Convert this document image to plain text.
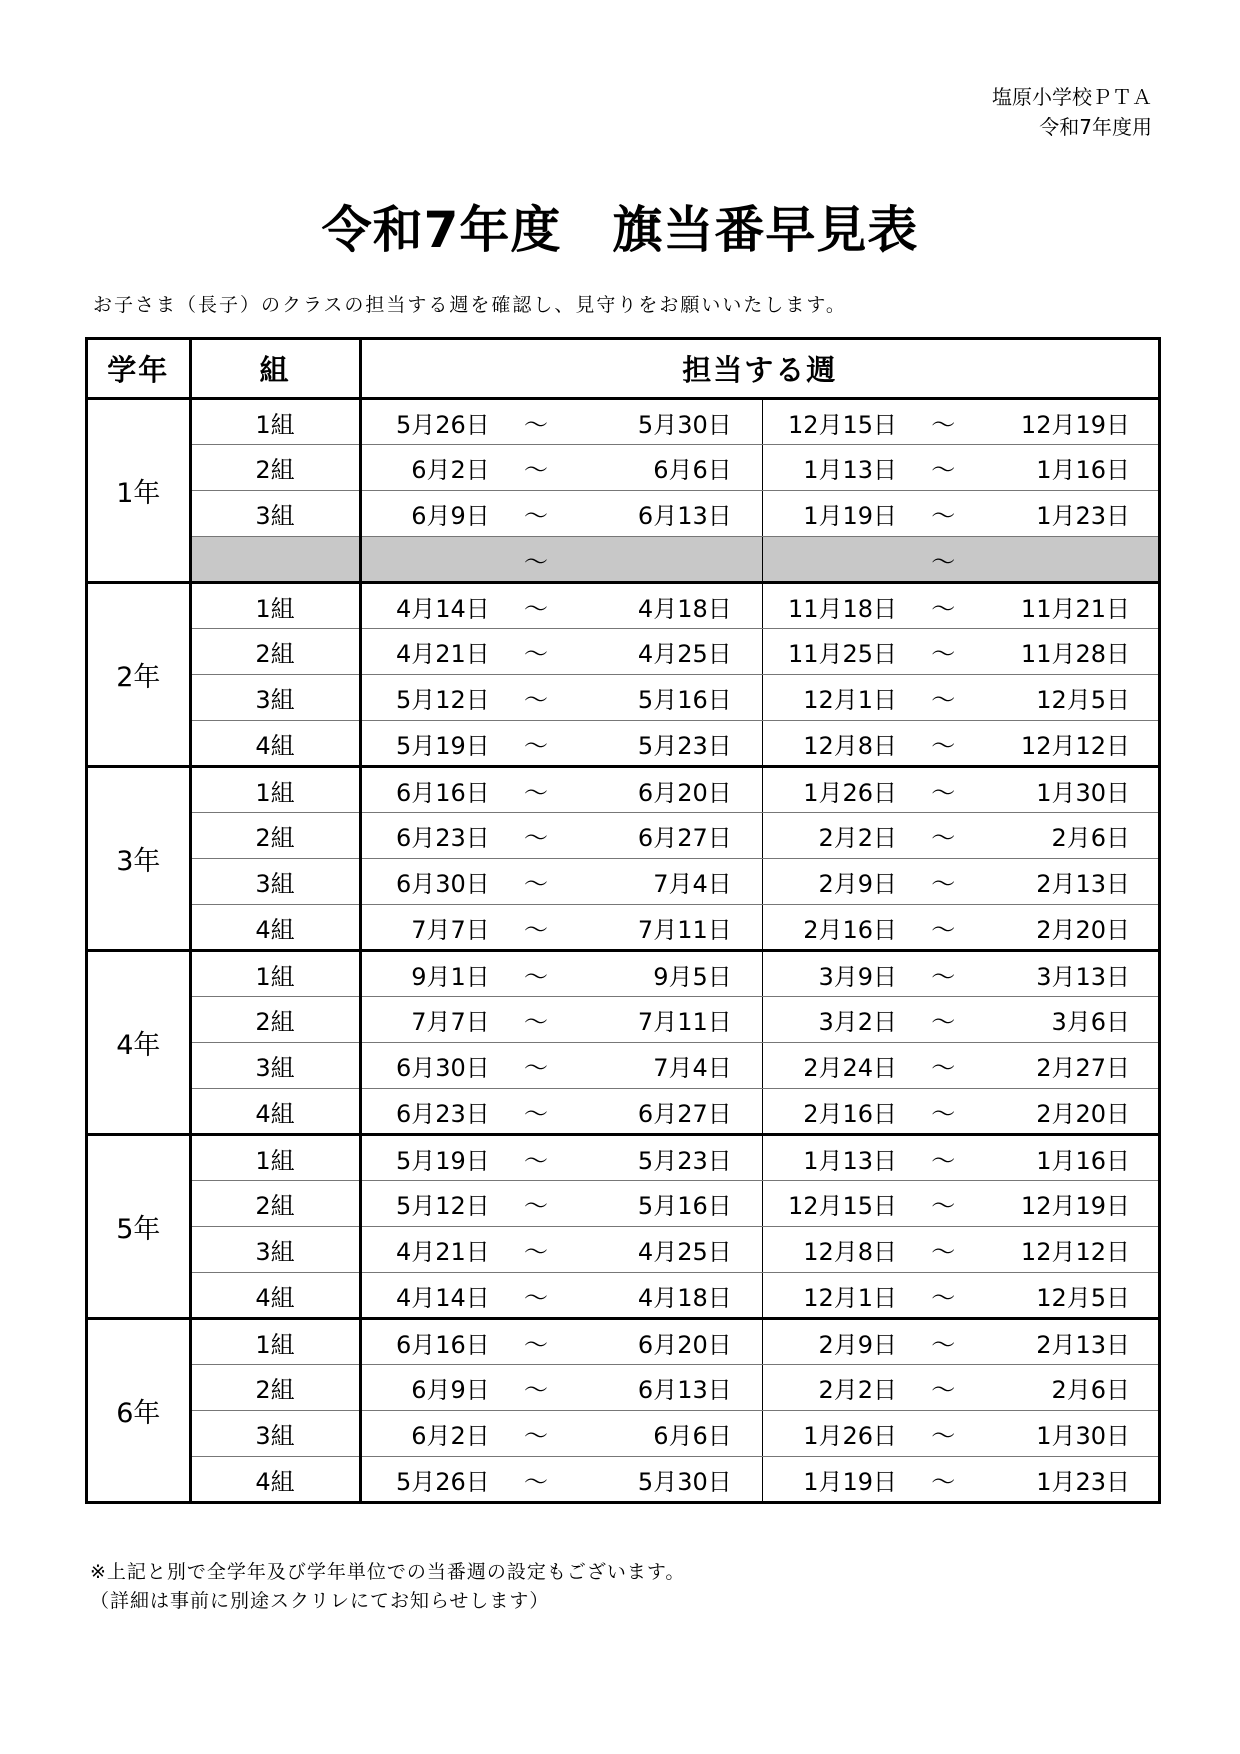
塩原小学校ＰＴＡ
令和7年度用
令和7年度　旗当番早見表
お子さま（長子）のクラスの担当する週を確認し、見守りをお願いいたします。
学年	組	担当する週					
1年	1組	5月26日	～	5月30日	12月15日	～	12月19日
	2組	6月2日	～	6月6日	1月13日	～	1月16日
	3組	6月9日	～	6月13日	1月19日	～	1月23日
			～			～	
2年	1組	4月14日	～	4月18日	11月18日	～	11月21日
	2組	4月21日	～	4月25日	11月25日	～	11月28日
	3組	5月12日	～	5月16日	12月1日	～	12月5日
	4組	5月19日	～	5月23日	12月8日	～	12月12日
3年	1組	6月16日	～	6月20日	1月26日	～	1月30日
	2組	6月23日	～	6月27日	2月2日	～	2月6日
	3組	6月30日	～	7月4日	2月9日	～	2月13日
	4組	7月7日	～	7月11日	2月16日	～	2月20日
4年	1組	9月1日	～	9月5日	3月9日	～	3月13日
	2組	7月7日	～	7月11日	3月2日	～	3月6日
	3組	6月30日	～	7月4日	2月24日	～	2月27日
	4組	6月23日	～	6月27日	2月16日	～	2月20日
5年	1組	5月19日	～	5月23日	1月13日	～	1月16日
	2組	5月12日	～	5月16日	12月15日	～	12月19日
	3組	4月21日	～	4月25日	12月8日	～	12月12日
	4組	4月14日	～	4月18日	12月1日	～	12月5日
6年	1組	6月16日	～	6月20日	2月9日	～	2月13日
	2組	6月9日	～	6月13日	2月2日	～	2月6日
	3組	6月2日	～	6月6日	1月26日	～	1月30日
	4組	5月26日	～	5月30日	1月19日	～	1月23日
※上記と別で全学年及び学年単位での当番週の設定もございます。
（詳細は事前に別途スクリレにてお知らせします）
